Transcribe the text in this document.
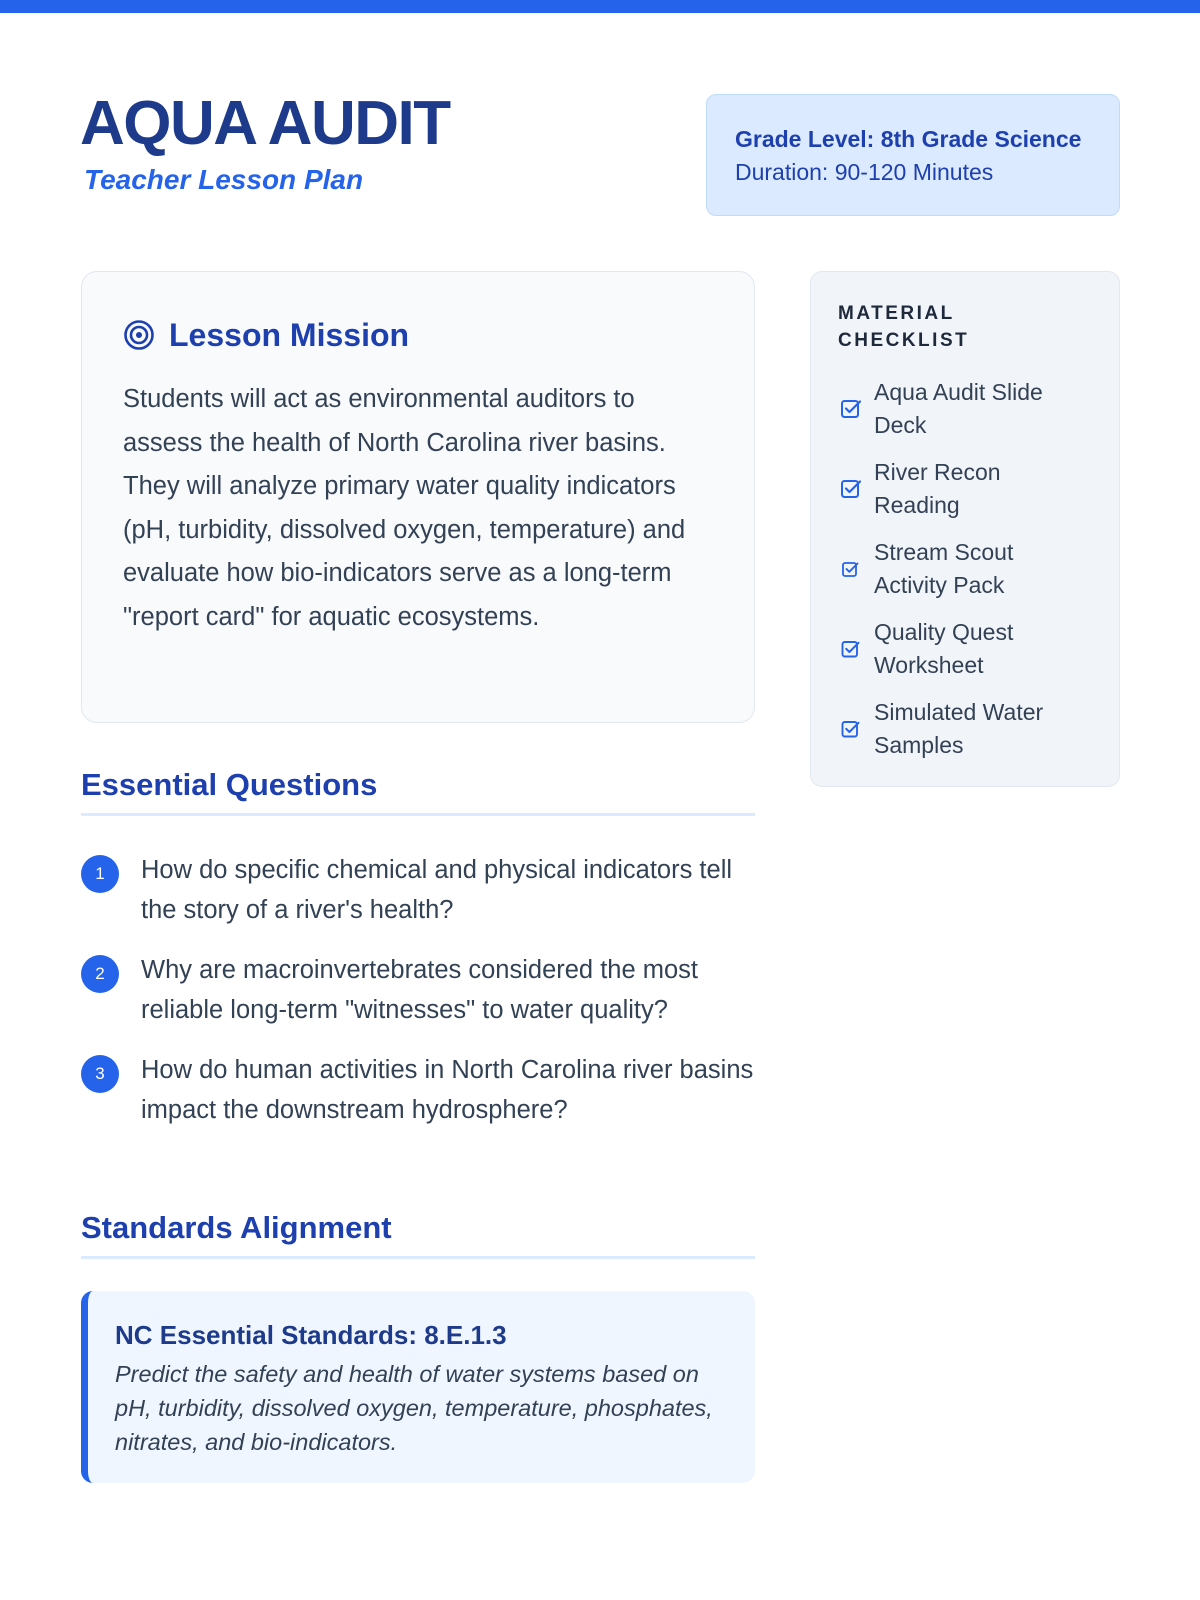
AQUA AUDIT
Teacher Lesson Plan
Grade Level: 8th Grade Science
Duration: 90-120 Minutes
Lesson Mission

Students will act as environmental auditors to assess the health of North Carolina river basins. They will analyze primary water quality indicators (pH, turbidity, dissolved oxygen, temperature) and evaluate how bio-indicators serve as a long-term "report card" for aquatic ecosystems.

Essential Questions
1	How do specific chemical and physical indicators tell the story of a river's health?
2	Why are macroinvertebrates considered the most reliable long-term "witnesses" to water quality?
3	How do human activities in North Carolina river basins impact the downstream hydrosphere?
Standards Alignment
NC Essential Standards: 8.E.1.3

Predict the safety and health of water systems based on pH, turbidity, dissolved oxygen, temperature, phosphates, nitrates, and bio-indicators.

MATERIAL CHECKLIST
Aqua Audit Slide Deck
River Recon Reading
Stream Scout Activity Pack
Quality Quest Worksheet
Simulated Water Samples
